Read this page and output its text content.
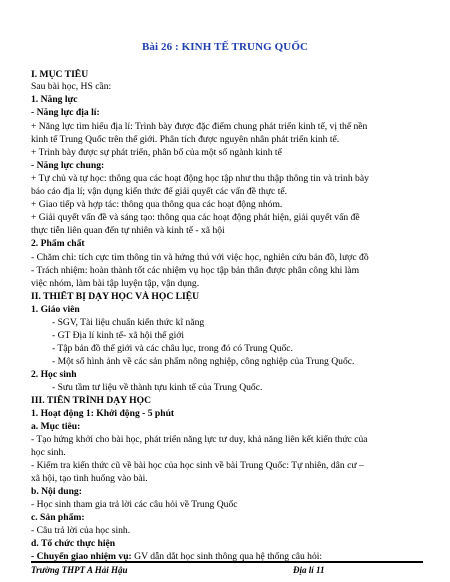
Bài 26 : KINH TẾ TRUNG QUỐC
I. MỤC TIÊU
Sau bài học, HS cần:
1. Năng lực
- Năng lực địa lí:
+ Năng lực tìm hiểu địa lí: Trình bày được đặc điểm chung phát triển kinh tế, vị thế nền
kinh tế Trung Quốc trên thế giới. Phân tích được nguyên nhân phát triển kinh tế.
+ Trình bày được sự phát triển, phân bố của một số ngành kinh tế
- Năng lực chung:
+ Tự chủ và tự học: thông qua các hoạt động học tập như thu thập thông tin và trình bày
báo cáo địa lí; vận dụng kiến thức để giải quyết các vấn đề thực tế.
+ Giao tiếp và hợp tác: thông qua thông qua các hoạt động nhóm.
+ Giải quyết vấn đề và sáng tạo: thông qua các hoạt động phát hiện, giải quyết vấn đề
thực tiễn liên quan đến tự nhiên và kinh tế - xã hội
2. Phẩm chất
- Chăm chỉ: tích cực tìm thông tin và hứng thú với việc học, nghiên cứu bản đồ, lược đồ
- Trách nhiệm: hoàn thành tốt các nhiệm vụ học tập bản thân được phân công khi làm
việc nhóm, làm bài tập luyện tập, vận dụng.
II. THIẾT BỊ DẠY HỌC VÀ HỌC LIỆU
1. Giáo viên
- SGV, Tài liệu chuẩn kiến thức kĩ năng
- GT Địa lí kinh tế- xã hội thế giới
- Tập bản đồ thế giới và các châu lục, trong đó có Trung Quốc.
- Một số hình ảnh về các sản phẩm nông nghiệp, công nghiệp của Trung Quốc.
2. Học sinh
- Sưu tầm tư liệu về thành tựu kinh tế của Trung Quốc.
III. TIẾN TRÌNH DẠY HỌC
1. Hoạt động 1: Khởi động - 5 phút
a. Mục tiêu:
- Tạo hứng khởi cho bài học, phát triển năng lực tư duy, khả năng liên kết kiến thức của
học sinh.
- Kiểm tra kiến thức cũ về bài học của học sinh về bài Trung Quốc: Tự nhiên, dân cư –
xã hội, tạo tình huống vào bài.
b. Nội dung:
- Học sinh tham gia trả lời các câu hỏi về Trung Quốc
c. Sản phẩm:
- Câu trả lời của học sinh.
d. Tổ chức thực hiện
- Chuyển giao nhiệm vụ: GV dẫn dắt học sinh thông qua hệ thống câu hỏi:
Trường THPT A Hải Hậu	Địa lí 11
